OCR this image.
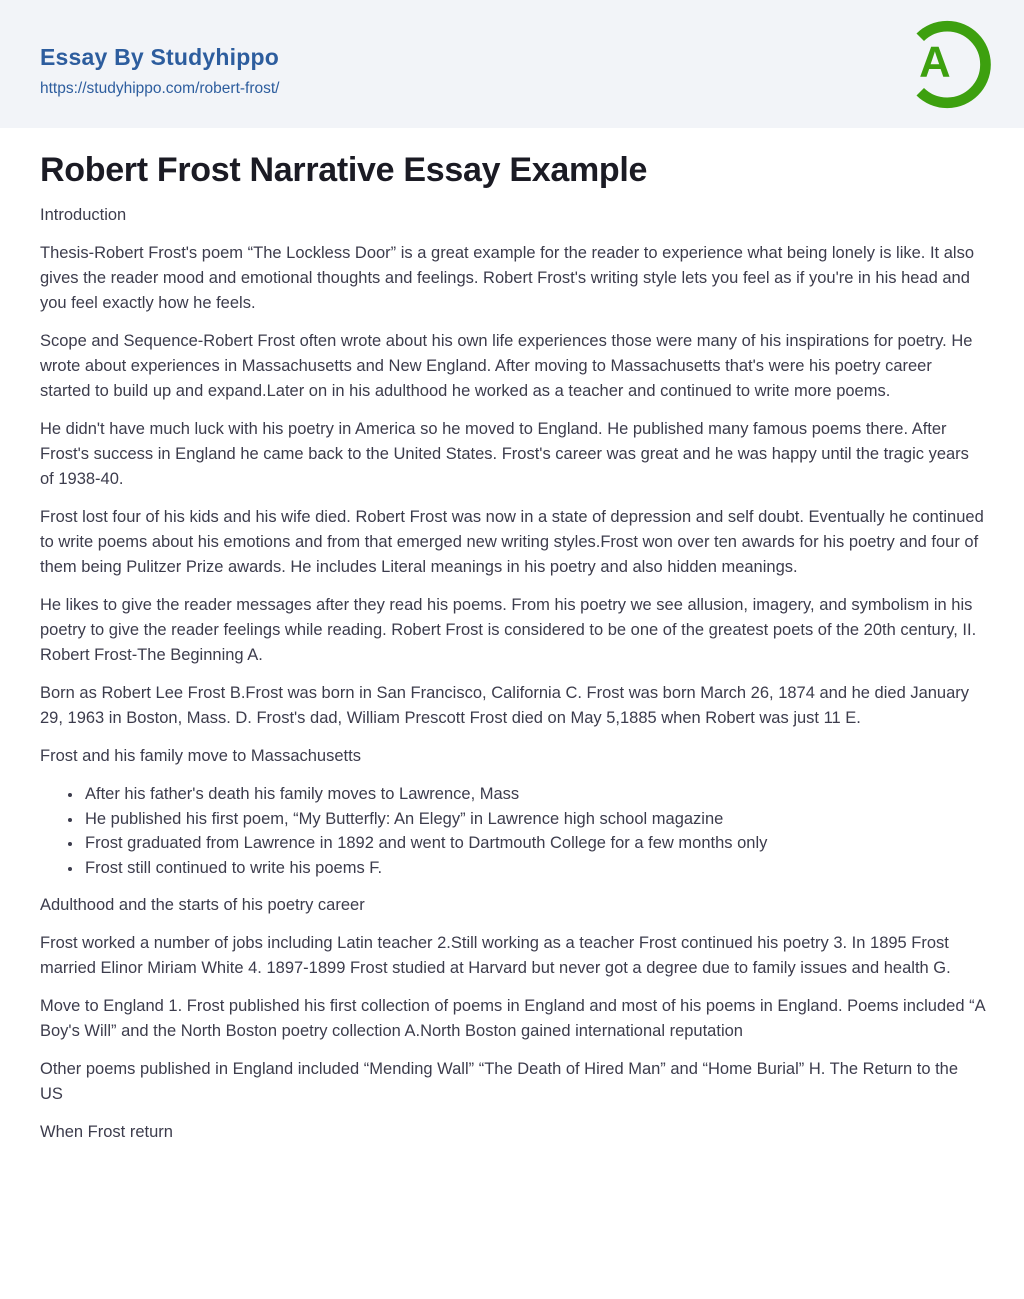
Essay By Studyhippo
https://studyhippo.com/robert-frost/
A
Robert Frost Narrative Essay Example

Introduction

Thesis-Robert Frost's poem “The Lockless Door” is a great example for the reader to experience what being lonely is like. It also gives the reader mood and emotional thoughts and feelings. Robert Frost's writing style lets you feel as if you're in his head and you feel exactly how he feels.

Scope and Sequence-Robert Frost often wrote about his own life experiences those were many of his inspirations for poetry. He wrote about experiences in Massachusetts and New England. After moving to Massachusetts that's were his poetry career started to build up and expand.Later on in his adulthood he worked as a teacher and continued to write more poems.

He didn't have much luck with his poetry in America so he moved to England. He published many famous poems there. After Frost's success in England he came back to the United States. Frost's career was great and he was happy until the tragic years of 1938-40.

Frost lost four of his kids and his wife died. Robert Frost was now in a state of depression and self doubt. Eventually he continued to write poems about his emotions and from that emerged new writing styles.Frost won over ten awards for his poetry and four of them being Pulitzer Prize awards. He includes Literal meanings in his poetry and also hidden meanings.

He likes to give the reader messages after they read his poems. From his poetry we see allusion, imagery, and symbolism in his poetry to give the reader feelings while reading. Robert Frost is considered to be one of the greatest poets of the 20th century, II. Robert Frost-The Beginning A.

Born as Robert Lee Frost B.Frost was born in San Francisco, California C. Frost was born March 26, 1874 and he died January 29, 1963 in Boston, Mass. D. Frost's dad, William Prescott Frost died on May 5,1885 when Robert was just 11 E.

Frost and his family move to Massachusetts

• After his father's death his family moves to Lawrence, Mass
• He published his first poem, “My Butterfly: An Elegy” in Lawrence high school magazine
• Frost graduated from Lawrence in 1892 and went to Dartmouth College for a few months only
• Frost still continued to write his poems F.

Adulthood and the starts of his poetry career

Frost worked a number of jobs including Latin teacher 2.Still working as a teacher Frost continued his poetry 3. In 1895 Frost married Elinor Miriam White 4. 1897-1899 Frost studied at Harvard but never got a degree due to family issues and health G.

Move to England 1. Frost published his first collection of poems in England and most of his poems in England. Poems included “A Boy's Will” and the North Boston poetry collection A.North Boston gained international reputation

Other poems published in England included “Mending Wall” “The Death of Hired Man” and “Home Burial” H. The Return to the US

When Frost return
